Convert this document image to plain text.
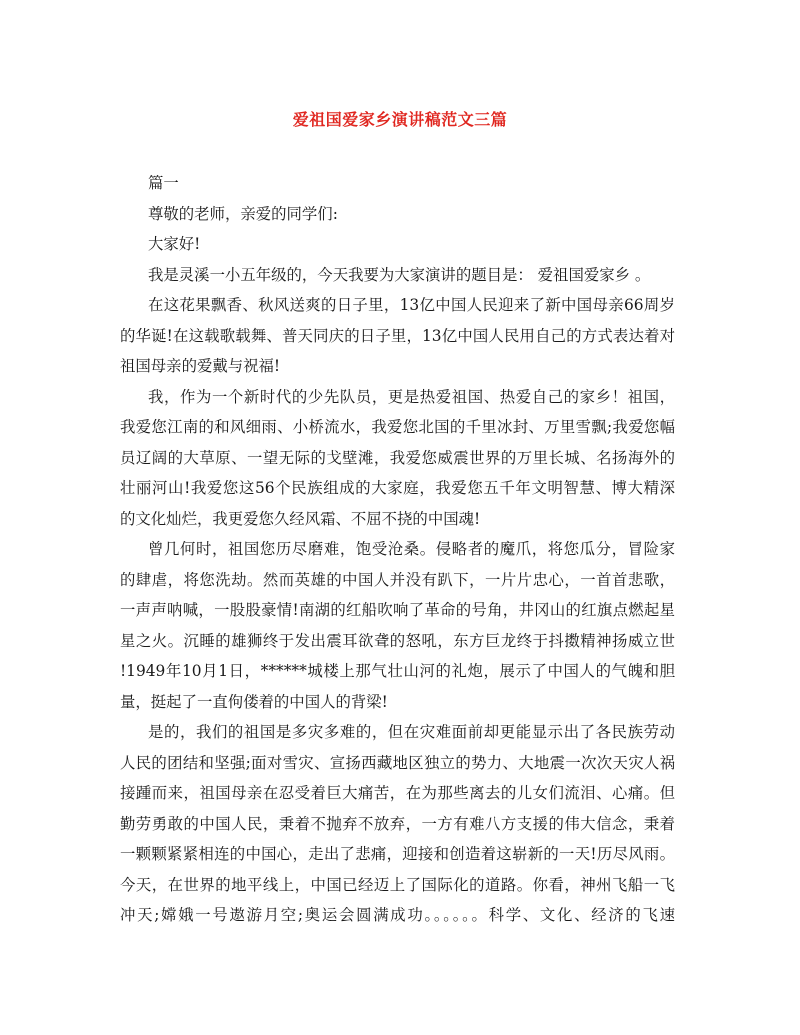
爱祖国爱家乡演讲稿范文三篇
篇一
尊敬的老师，亲爱的同学们:
大家好!
我是灵溪一小五年级的，今天我要为大家演讲的题目是： 爱祖国爱家乡 。
在这花果飘香、秋风送爽的日子里，13亿中国人民迎来了新中国母亲66周岁
的华诞!在这载歌载舞、普天同庆的日子里，13亿中国人民用自己的方式表达着对
祖国母亲的爱戴与祝福!
我，作为一个新时代的少先队员，更是热爱祖国、热爱自己的家乡！祖国，
我爱您江南的和风细雨、小桥流水，我爱您北国的千里冰封、万里雪飘;我爱您幅
员辽阔的大草原、一望无际的戈壁滩，我爱您威震世界的万里长城、名扬海外的
壮丽河山!我爱您这56个民族组成的大家庭，我爱您五千年文明智慧、博大精深
的文化灿烂，我更爱您久经风霜、不屈不挠的中国魂!
曾几何时，祖国您历尽磨难，饱受沧桑。侵略者的魔爪，将您瓜分，冒险家
的肆虐，将您洗劫。然而英雄的中国人并没有趴下，一片片忠心，一首首悲歌，
一声声呐喊，一股股豪情!南湖的红船吹响了革命的号角，井冈山的红旗点燃起星
星之火。沉睡的雄狮终于发出震耳欲聋的怒吼，东方巨龙终于抖擞精神扬威立世
!1949年10月1日，******城楼上那气壮山河的礼炮，展示了中国人的气魄和胆
量，挺起了一直佝偻着的中国人的背梁!
是的，我们的祖国是多灾多难的，但在灾难面前却更能显示出了各民族劳动
人民的团结和坚强;面对雪灾、宣扬西藏地区独立的势力、大地震一次次天灾人祸
接踵而来，祖国母亲在忍受着巨大痛苦，在为那些离去的儿女们流泪、心痛。但
勤劳勇敢的中国人民，秉着不抛弃不放弃，一方有难八方支援的伟大信念，秉着
一颗颗紧紧相连的中国心，走出了悲痛，迎接和创造着这崭新的一天!历尽风雨。
今天，在世界的地平线上，中国已经迈上了国际化的道路。你看，神州飞船一飞
冲天;嫦娥一号遨游月空;奥运会圆满成功。。。。。。科学、文化、经济的飞速
